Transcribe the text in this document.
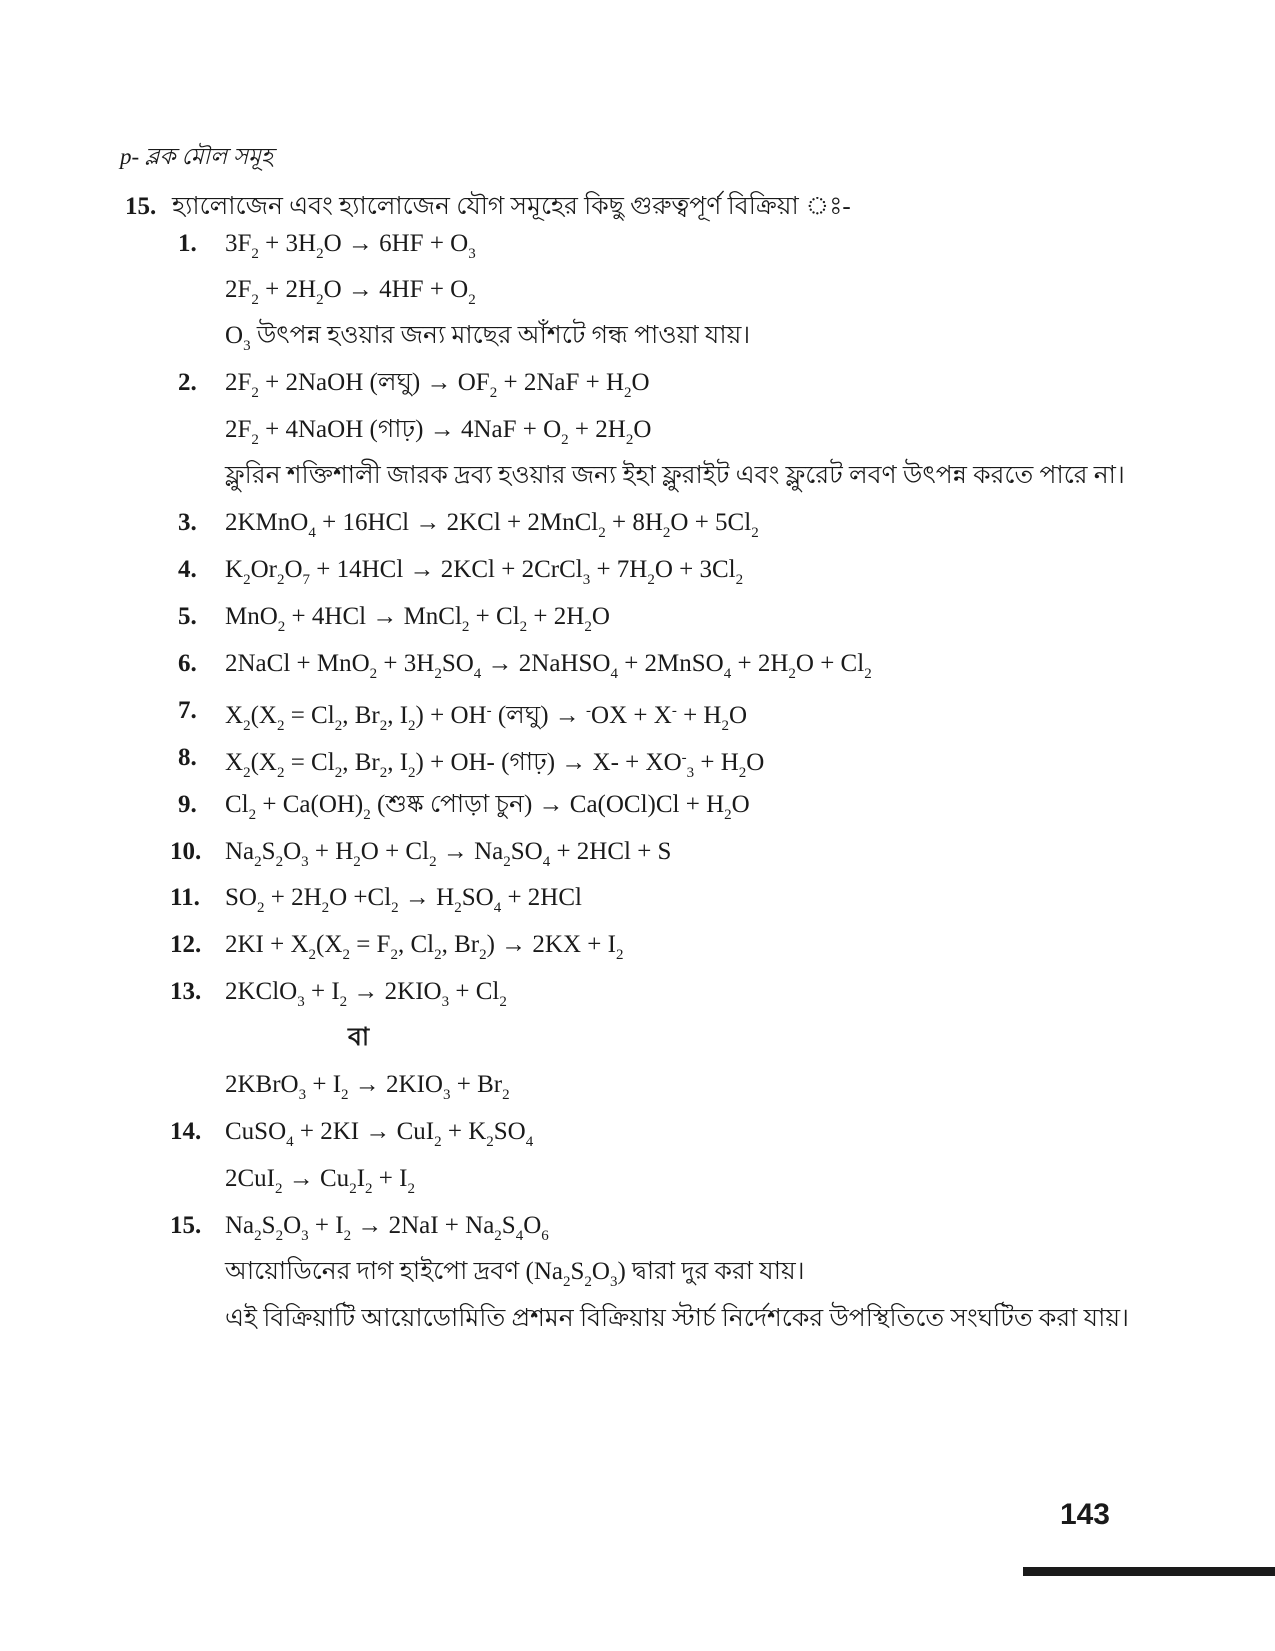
p- ব্লক মৌল সমূহ
15. হ্যালোজেন এবং হ্যালোজেন যৌগ সমূহের কিছু গুরুত্বপূর্ণ বিক্রিয়া ঃ-
1. $3F_2 + 3H_2O \to 6HF + O_3$
$2F_2 + 2H_2O \to 4HF + O_2$
$O_3$ উৎপন্ন হওয়ার জন্য মাছের আঁশটে গন্ধ পাওয়া যায়।
2. $2F_2$ + 2NaOH (লঘু) → $OF_2 + 2NaF + H_2O$
$2F_2$ + 4NaOH (গাঢ়) → $4NaF + O_2 + 2H_2O$
ফ্লুরিন শক্তিশালী জারক দ্রব্য হওয়ার জন্য ইহা ফ্লুরাইট এবং ফ্লুরেট লবণ উৎপন্ন করতে পারে না।
3. 2KMnO$_4$ + 16HCl → 2KCl + 2MnCl$_2$ + $8H_2O + 5Cl_2$
4. $K_2Or_2O_7 + 14HCl \to 2KCl$ + 2CrCl$_3$ + $7H_2O + 3Cl_2$
5. MnO$_2$ + 4HCl → MnCl$_2$ + $Cl_2 + 2H_2O$
6. 2NaCl + $MnO_2 + 3H_2SO_4$ → 2NaHSO$_4$ + 2MnSO$_4$ + $2H_2O + Cl_2$
7. $X_2(X_2 = Cl_2$, $Br_2$, $I_2) + OH^-$ (লঘু) → $^-OX + X^- + H_2O$
8. $X_2(X_2 = Cl_2$, $Br_2$, $I_2) + OH-$ (গাঢ়) → $X- + XO^-_3 + H_2O$
9. $Cl_2 + Ca(OH)_2$ (শুষ্ক পোড়া চুন) → $Ca(OCl)Cl + H_2O$
10. $Na_2S_2O_3 + H_2O + Cl_2 \to Na_2SO_4 + 2HCl + S$
11. $SO_2 + 2H_2O +Cl_2 \to H_2SO_4 + 2HCl$
12. $2KI + X_2(X_2 = F_2$, $Cl_2$, $Br_2) \to 2KX + I_2$
13. 2KClO$_3$ + $I_2 \to 2KIO_3 + Cl_2$
বা
2KBrO$_3$ + $I_2 \to 2KIO_3 + Br_2$
14. CuSO$_4$ + $2KI \to CuI_2 + K_2SO_4$
$2CuI_2 \to Cu_2I_2 + I_2$
15. $Na_2S_2O_3 + I_2 \to 2NaI + Na_2S_4O_6$
আয়োডিনের দাগ হাইপো দ্রবণ $(Na_2S_2O_3)$ দ্বারা দুর করা যায়।
এই বিক্রিয়াটি আয়োডোমিতি প্রশমন বিক্রিয়ায় স্টার্চ নির্দেশকের উপস্থিতিতে সংঘটিত করা যায়।
143
